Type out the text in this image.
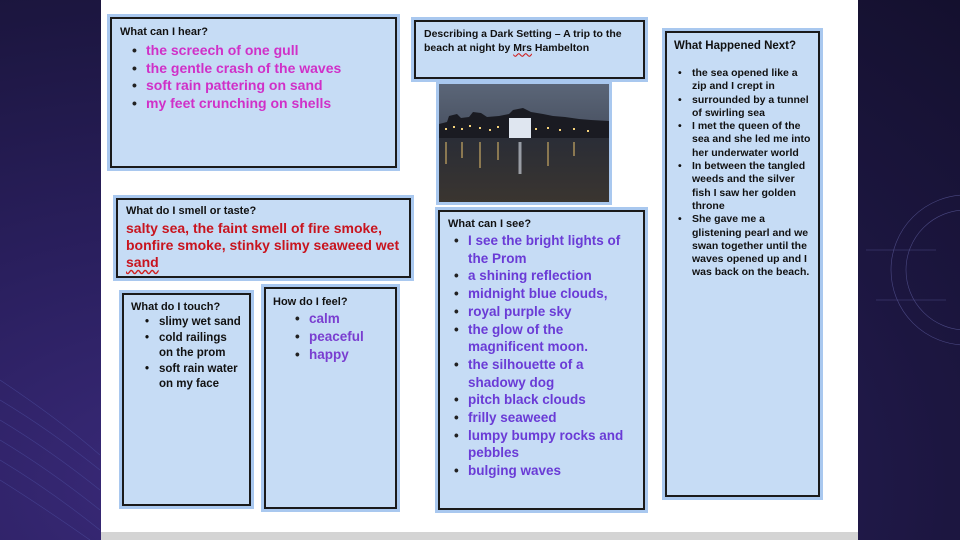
What can I hear?
• the screech of one gull
• the gentle crash of the waves
• soft rain pattering on sand
• my feet crunching on shells
Describing a Dark Setting – A trip to the
beach at night by Mrs Hambelton	What Happened Next?
• the sea opened like a zip and I crept in
• surrounded by a tunnel of swirling sea
• I met the queen of the sea and she led me into her underwater world
• In between the tangled weeds and the silver fish I saw her golden throne
• She gave me a glistening pearl and we swan together until the waves opened up and I was back on the beach.
What do I smell or taste?
salty sea, the faint smell of fire smoke, bonfire smoke, stinky slimy seaweed wet sand
What can I see?
• I see the bright lights of the Prom
• a shining reflection
• midnight blue clouds,
• royal purple sky
• the glow of the magnificent moon.
• the silhouette of a shadowy dog
• pitch black clouds
• frilly seaweed
• lumpy bumpy rocks and pebbles
• bulging waves
What do I touch?
• slimy wet sand
• cold railings on the prom
• soft rain water on my face
How do I feel?
• calm
• peaceful
• happy
